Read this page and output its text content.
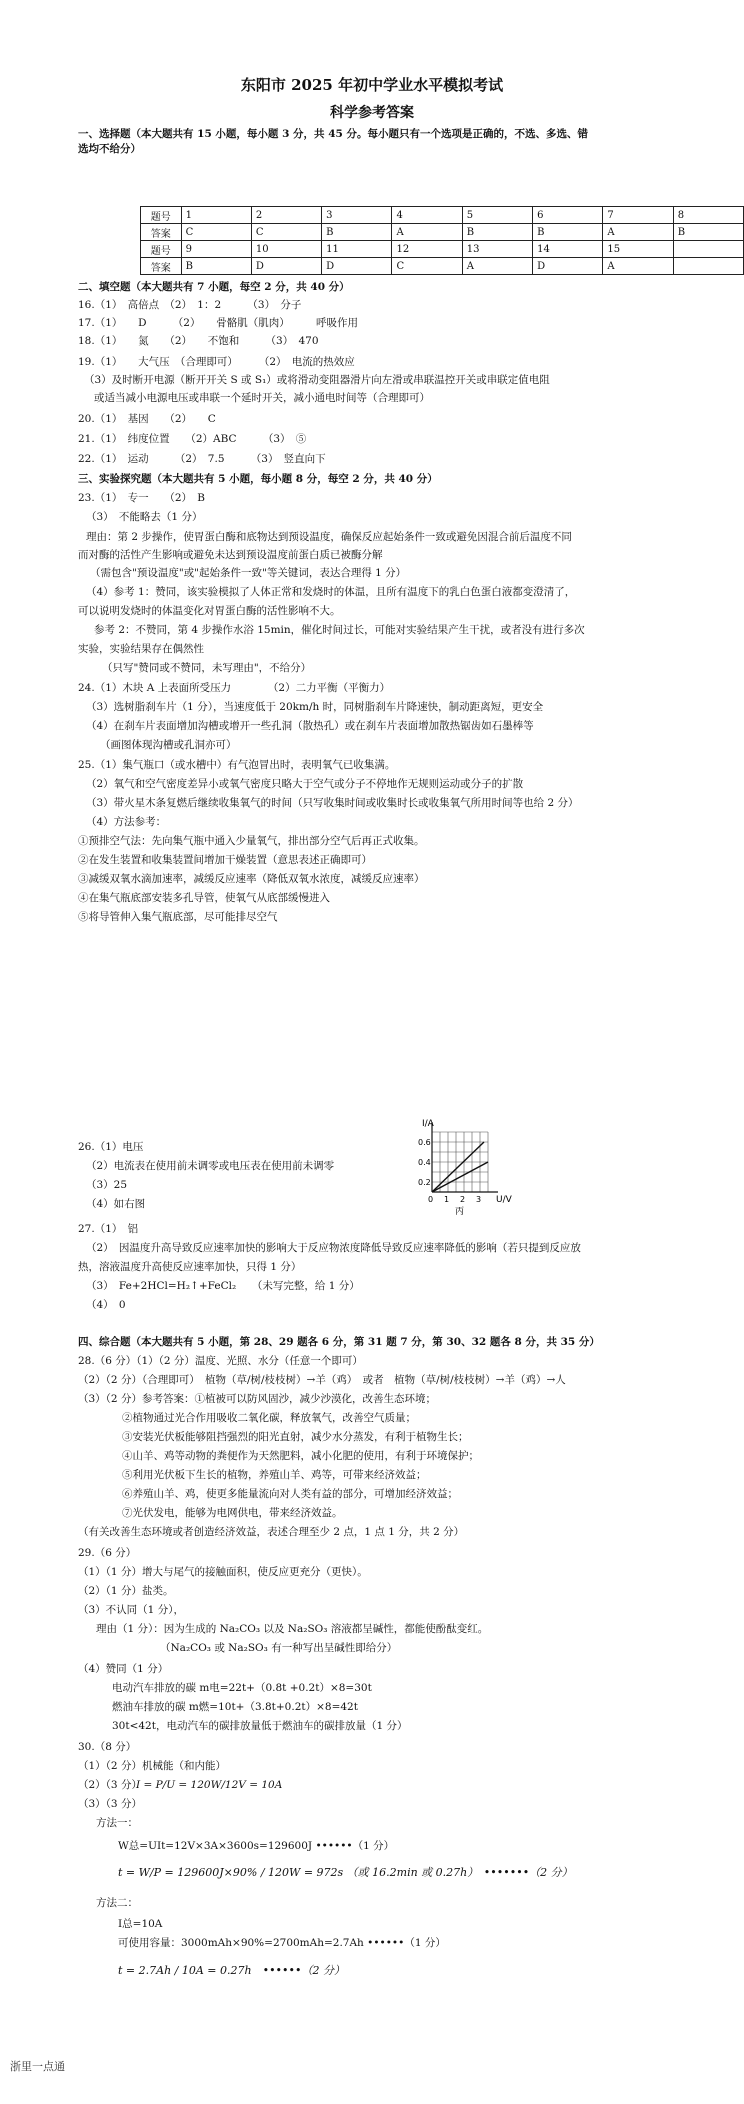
东阳市 2025 年初中学业水平模拟考试
科学参考答案
一、选择题（本大题共有 15 小题，每小题 3 分，共 45 分。每小题只有一个选项是正确的，不选、多选、错
选均不给分）
题号	1	2	3	4	5	6	7	8
答案	C	C	B	A	B	B	A	B
题号	9	10	11	12	13	14	15	
答案	B	D	D	C	A	D	A	
二、填空题（本大题共有 7 小题，每空 2 分，共 40 分）
16.（1）　高倍点　（2）　1：2　　　（3）　分子
17.（1）　　D　　　（2）　　骨骼肌（肌肉）　　　呼吸作用
18.（1）　　氮　　（2）　　不饱和　　　（3）　470
19.（1）　　大气压　（合理即可）　　　（2）　电流的热效应
（3）及时断开电源（断开开关 S 或 S₁）或将滑动变阻器滑片向左滑或串联温控开关或串联定值电阻
或适当减小电源电压或串联一个延时开关，减小通电时间等（合理即可）
20.（1）　基因　　（2）　　C
21.（1）　纬度位置　　（2）ABC　　　（3）　⑤
22.（1）　运动　　　（2）　7.5　　　（3）　竖直向下
三、实验探究题（本大题共有 5 小题，每小题 8 分，每空 2 分，共 40 分）
23.（1）　专一　　（2）　B
（3）　不能略去（1 分）
理由：第 2 步操作，使胃蛋白酶和底物达到预设温度，确保反应起始条件一致或避免因混合前后温度不同
而对酶的活性产生影响或避免未达到预设温度前蛋白质已被酶分解
（需包含"预设温度"或"起始条件一致"等关键词，表达合理得 1 分）
（4）参考 1：赞同，该实验模拟了人体正常和发烧时的体温，且所有温度下的乳白色蛋白液都变澄清了，
可以说明发烧时的体温变化对胃蛋白酶的活性影响不大。
参考 2：不赞同，第 4 步操作水浴 15min，催化时间过长，可能对实验结果产生干扰，或者没有进行多次
实验，实验结果存在偶然性
（只写"赞同或不赞同，未写理由"，不给分）
24.（1）木块 A 上表面所受压力　　　　（2）二力平衡（平衡力）
（3）选树脂刹车片（1 分），当速度低于 20km/h 时，同树脂刹车片降速快，制动距离短，更安全
（4）在刹车片表面增加沟槽或增开一些孔洞（散热孔）或在刹车片表面增加散热锯齿如石墨棒等
（画图体现沟槽或孔洞亦可）
25.（1）集气瓶口（或水槽中）有气泡冒出时，表明氧气已收集满。
（2）氧气和空气密度差异小或氧气密度只略大于空气或分子不停地作无规则运动或分子的扩散
（3）带火星木条复燃后继续收集氧气的时间（只写收集时间或收集时长或收集氧气所用时间等也给 2 分）
（4）方法参考：
①预排空气法：先向集气瓶中通入少量氧气，排出部分空气后再正式收集。
②在发生装置和收集装置间增加干燥装置（意思表述正确即可）
③减缓双氧水滴加速率，减缓反应速率（降低双氧水浓度，减缓反应速率）
④在集气瓶底部安装多孔导管，使氧气从底部缓慢进入
⑤将导管伸入集气瓶底部，尽可能排尽空气
26.（1）电压
（2）电流表在使用前未调零或电压表在使用前未调零
（3）25
（4）如右图
I/A
U/V
0.6
0.4
0.2
0 1 2 3
丙
27.（1）　铝
（2）　因温度升高导致反应速率加快的影响大于反应物浓度降低导致反应速率降低的影响（若只提到反应放
热，溶液温度升高使反应速率加快，只得 1 分）
（3）　Fe+2HCl=H₂↑+FeCl₂　　（未写完整，给 1 分）
（4）　0
四、综合题（本大题共有 5 小题，第 28、29 题各 6 分，第 31 题 7 分，第 30、32 题各 8 分，共 35 分）
28.（6 分）（1）（2 分）温度、光照、水分（任意一个即可）
（2）（2 分）（合理即可）　植物（草/树/枝枝树）→羊（鸡）　或者　植物（草/树/枝枝树）→羊（鸡）→人
（3）（2 分）参考答案：①植被可以防风固沙，减少沙漠化，改善生态环境；
②植物通过光合作用吸收二氧化碳，释放氧气，改善空气质量；
③安装光伏板能够阻挡强烈的阳光直射，减少水分蒸发，有利于植物生长；
④山羊、鸡等动物的粪便作为天然肥料，减小化肥的使用，有利于环境保护；
⑤利用光伏板下生长的植物，养殖山羊、鸡等，可带来经济效益；
⑥养殖山羊、鸡，使更多能量流向对人类有益的部分，可增加经济效益；
⑦光伏发电，能够为电网供电，带来经济效益。
（有关改善生态环境或者创造经济效益，表述合理至少 2 点，1 点 1 分，共 2 分）
29.（6 分）
（1）（1 分）增大与尾气的接触面积，使反应更充分（更快）。
（2）（1 分）盐类。
（3）不认同（1 分），
理由（1 分）：因为生成的 Na₂CO₃ 以及 Na₂SO₃ 溶液都呈碱性，都能使酚酞变红。
（Na₂CO₃ 或 Na₂SO₃ 有一种写出呈碱性即给分）
（4）赞同（1 分）
电动汽车排放的碳 m电=22t+（0.8t +0.2t）×8=30t
燃油车排放的碳 m燃=10t+（3.8t+0.2t）×8=42t
30t<42t，电动汽车的碳排放量低于燃油车的碳排放量（1 分）
30.（8 分）
（1）（2 分）机械能（和内能）
（2）（3 分）
I = P/U = 120W/12V = 10A
（3）（3 分）
方法一：
W总=UIt=12V×3A×3600s=129600J ••••••（1 分）
t = W/P = 129600J×90% / 120W = 972s （或 16.2min 或 0.27h）　•••••••（2 分）
方法二：
I总=10A
可使用容量：3000mAh×90%=2700mAh=2.7Ah ••••••（1 分）
t = 2.7Ah / 10A = 0.27h　••••••（2 分）
浙里一点通
